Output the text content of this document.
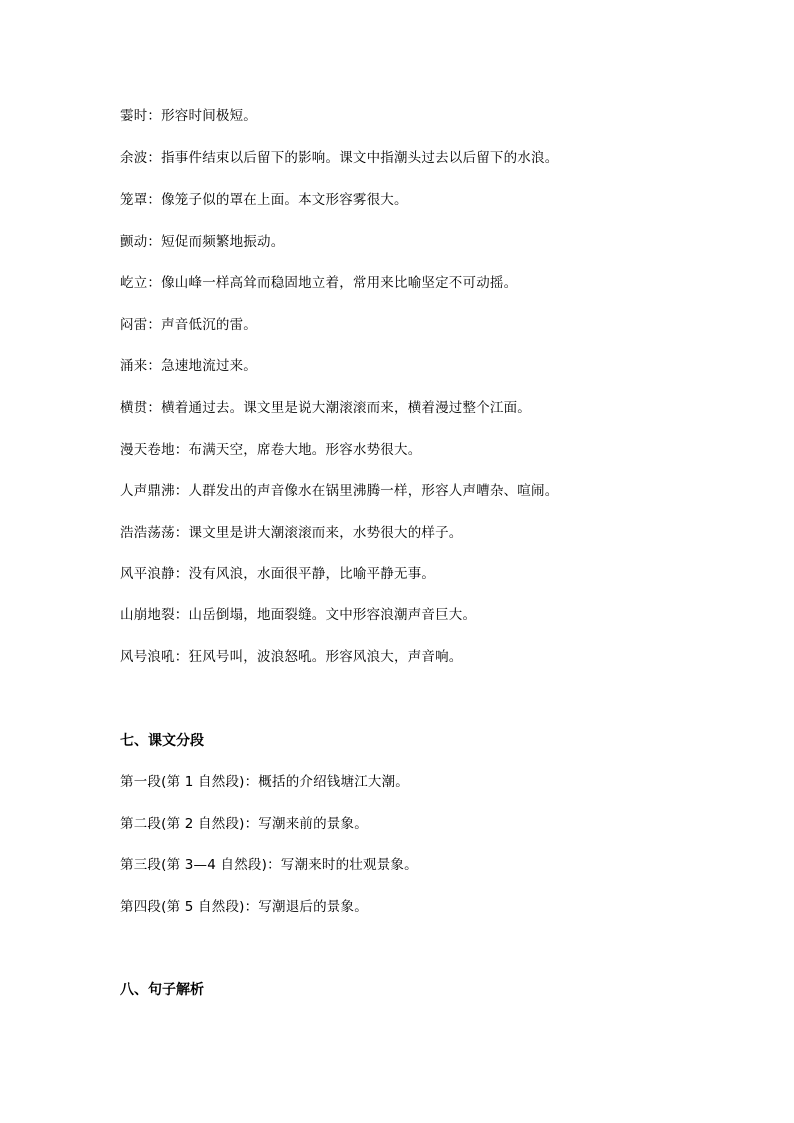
霎时：形容时间极短。
余波：指事件结束以后留下的影响。课文中指潮头过去以后留下的水浪。
笼罩：像笼子似的罩在上面。本文形容雾很大。
颤动：短促而频繁地振动。
屹立：像山峰一样高耸而稳固地立着，常用来比喻坚定不可动摇。
闷雷：声音低沉的雷。
涌来：急速地流过来。
横贯：横着通过去。课文里是说大潮滚滚而来，横着漫过整个江面。
漫天卷地：布满天空，席卷大地。形容水势很大。
人声鼎沸：人群发出的声音像水在锅里沸腾一样，形容人声嘈杂、喧闹。
浩浩荡荡：课文里是讲大潮滚滚而来，水势很大的样子。
风平浪静：没有风浪，水面很平静，比喻平静无事。
山崩地裂：山岳倒塌，地面裂缝。文中形容浪潮声音巨大。
风号浪吼：狂风号叫，波浪怒吼。形容风浪大，声音响。
七、课文分段
第一段(第 1 自然段)：概括的介绍钱塘江大潮。
第二段(第 2 自然段)：写潮来前的景象。
第三段(第 3—4 自然段)：写潮来时的壮观景象。
第四段(第 5 自然段)：写潮退后的景象。
八、句子解析
